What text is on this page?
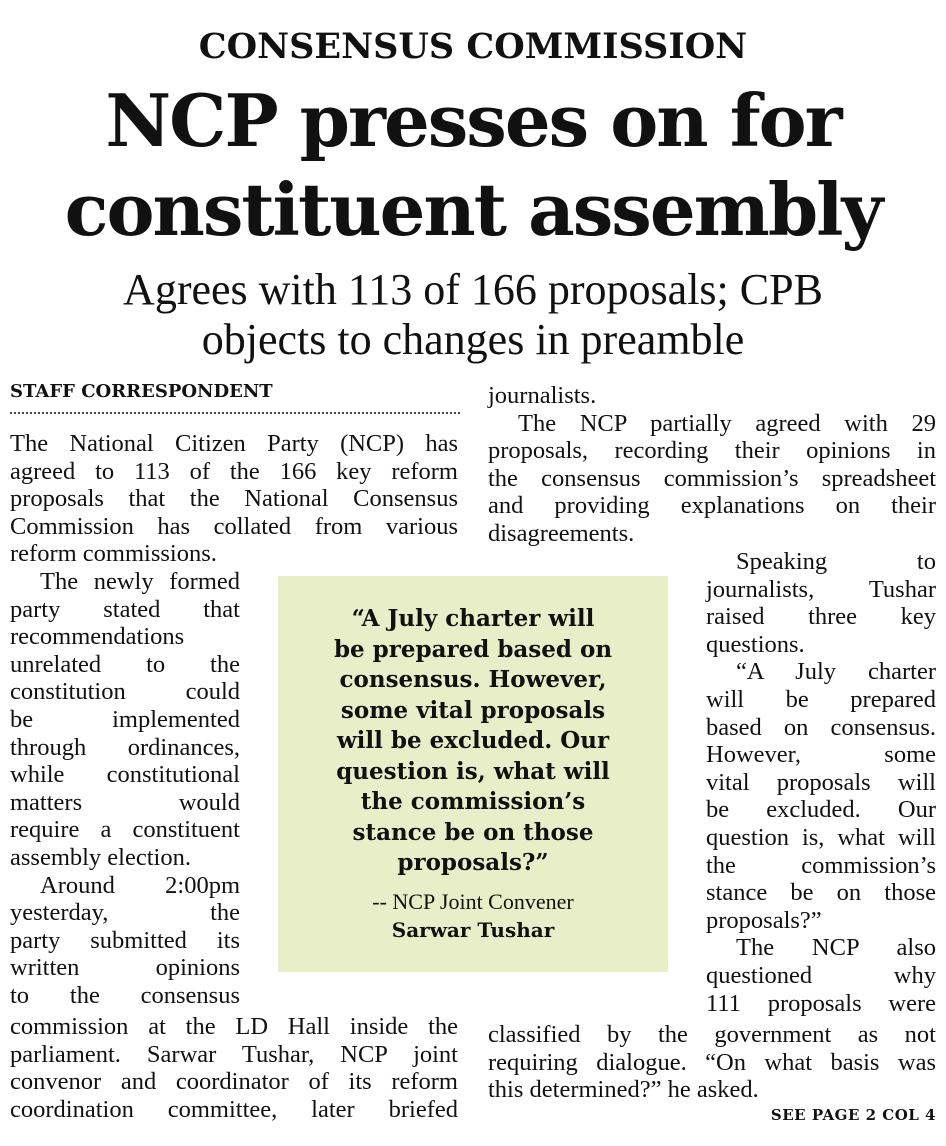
CONSENSUS COMMISSION
NCP presses on for
constituent assembly
Agrees with 113 of 166 proposals; CPB
objects to changes in preamble
STAFF CORRESPONDENT
The National Citizen Party (NCP) has
agreed to 113 of the 166 key reform
proposals that the National Consensus
Commission has collated from various
reform commissions.
The newly formed
party stated that
recommendations
unrelated to the
constitution could
be implemented
through ordinances,
while constitutional
matters would
require a constituent
assembly election.
Around 2:00pm
yesterday, the
party submitted its
written opinions
to the consensus
commission at the LD Hall inside the
parliament. Sarwar Tushar, NCP joint
convenor and coordinator of its reform
coordination committee, later briefed
journalists.
The NCP partially agreed with 29
proposals, recording their opinions in
the consensus commission’s spreadsheet
and providing explanations on their
disagreements.
Speaking to
journalists, Tushar
raised three key
questions.
“A July charter
will be prepared
based on consensus.
However, some
vital proposals will
be excluded. Our
question is, what will
the commission’s
stance be on those
proposals?”
The NCP also
questioned why
111 proposals were
classified by the government as not
requiring dialogue. “On what basis was
this determined?” he asked.
“A July charter will
be prepared based on
consensus. However,
some vital proposals
will be excluded. Our
question is, what will
the commission’s
stance be on those
proposals?”
-- NCP Joint Convener
Sarwar Tushar
SEE PAGE 2 COL 4
